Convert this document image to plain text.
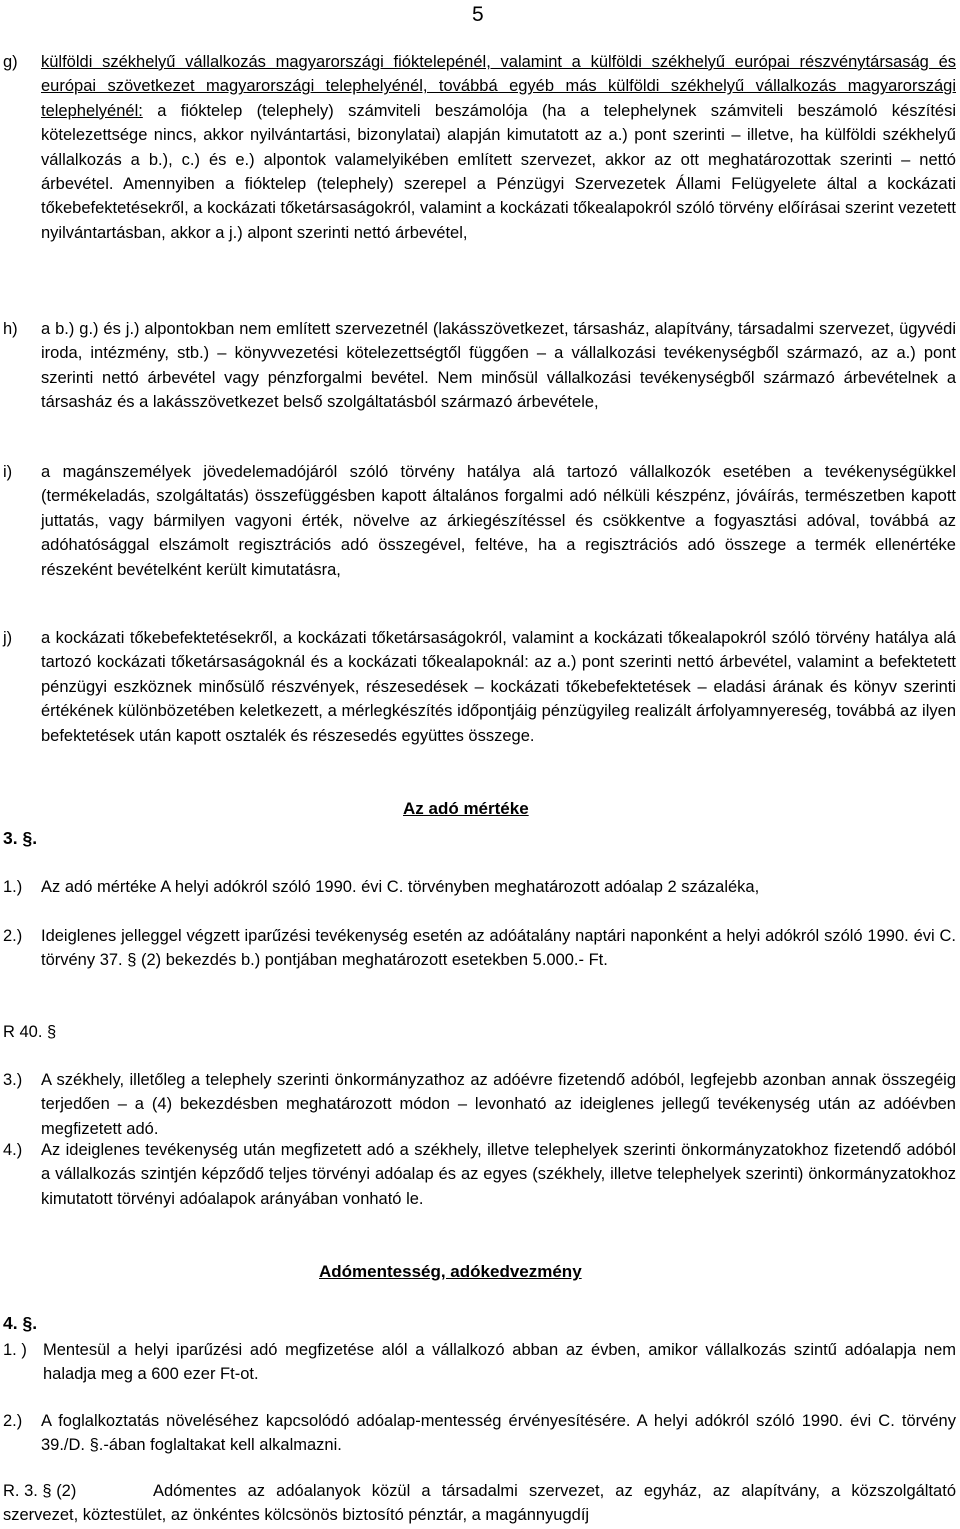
5
g) külföldi székhelyű vállalkozás magyarországi fióktelepénél, valamint a külföldi székhelyű európai részvénytársaság és európai szövetkezet magyarországi telephelyénél, továbbá egyéb más külföldi székhelyű vállalkozás magyarországi telephelyénél: a fióktelep (telephely) számviteli beszámolója (ha a telephelynek számviteli beszámoló készítési kötelezettsége nincs, akkor nyilvántartási, bizonylatai) alapján kimutatott az a.) pont szerinti – illetve, ha külföldi székhelyű vállalkozás a b.), c.) és e.) alpontok valamelyikében említett szervezet, akkor az ott meghatározottak szerinti – nettó árbevétel. Amennyiben a fióktelep (telephely) szerepel a Pénzügyi Szervezetek Állami Felügyelete által a kockázati tőkebefektetésekről, a kockázati tőketársaságokról, valamint a kockázati tőkealapokról szóló törvény előírásai szerint vezetett nyilvántartásban, akkor a j.) alpont szerinti nettó árbevétel,
h) a b.) g.) és j.) alpontokban nem említett szervezetnél (lakásszövetkezet, társasház, alapítvány, társadalmi szervezet, ügyvédi iroda, intézmény, stb.) – könyvvezetési kötelezettségtől függően – a vállalkozási tevékenységből származó, az a.) pont szerinti nettó árbevétel vagy pénzforgalmi bevétel. Nem minősül vállalkozási tevékenységből származó árbevételnek a társasház és a lakásszövetkezet belső szolgáltatásból származó árbevétele,
i) a magánszemélyek jövedelemadójáról szóló törvény hatálya alá tartozó vállalkozók esetében a tevékenységükkel (termékeladás, szolgáltatás) összefüggésben kapott általános forgalmi adó nélküli készpénz, jóváírás, természetben kapott juttatás, vagy bármilyen vagyoni érték, növelve az árkiegészítéssel és csökkentve a fogyasztási adóval, továbbá az adóhatósággal elszámolt regisztrációs adó összegével, feltéve, ha a regisztrációs adó összege a termék ellenértéke részeként bevételként került kimutatásra,
j) a kockázati tőkebefektetésekről, a kockázati tőketársaságokról, valamint a kockázati tőkealapokról szóló törvény hatálya alá tartozó kockázati tőketársaságoknál és a kockázati tőkealapoknál: az a.) pont szerinti nettó árbevétel, valamint a befektetett pénzügyi eszköznek minősülő részvények, részesedések – kockázati tőkebefektetések – eladási árának és könyv szerinti értékének különbözetében keletkezett, a mérlegkészítés időpontjáig pénzügyileg realizált árfolyamnyereség, továbbá az ilyen befektetések után kapott osztalék és részesedés együttes összege.
Az adó mértéke
3. §.
1.) Az adó mértéke A helyi adókról szóló 1990. évi C. törvényben meghatározott adóalap 2 százaléka,
2.) Ideiglenes jelleggel végzett iparűzési tevékenység esetén az adóátalány naptári naponként a helyi adókról szóló 1990. évi C. törvény 37. § (2) bekezdés b.) pontjában meghatározott esetekben 5.000.- Ft.
R 40. §
3.) A székhely, illetőleg a telephely szerinti önkormányzathoz az adóévre fizetendő adóból, legfejebb azonban annak összegéig terjedően – a (4) bekezdésben meghatározott módon – levonható az ideiglenes jellegű tevékenység után az adóévben megfizetett adó.
4.) Az ideiglenes tevékenység után megfizetett adó a székhely, illetve telephelyek szerinti önkormányzatokhoz fizetendő adóból a vállalkozás szintjén képződő teljes törvényi adóalap és az egyes (székhely, illetve telephelyek szerinti) önkormányzatokhoz kimutatott törvényi adóalapok arányában vonható le.
Adómentesség, adókedvezmény
4. §.
1. ) Mentesül a helyi iparűzési adó megfizetése alól a vállalkozó abban az évben, amikor vállalkozás szintű adóalapja nem haladja meg a 600 ezer Ft-ot.
2.) A foglalkoztatás növeléséhez kapcsolódó adóalap-mentesség érvényesítésére. A helyi adókról szóló 1990. évi C. törvény 39./D. §.-ában foglaltakat kell alkalmazni.
R. 3. § (2)	Adómentes az adóalanyok közül a társadalmi szervezet, az egyház, az alapítvány, a közszolgáltató szervezet, köztestület, az önkéntes kölcsönös biztosító pénztár, a magánnyugdíj
